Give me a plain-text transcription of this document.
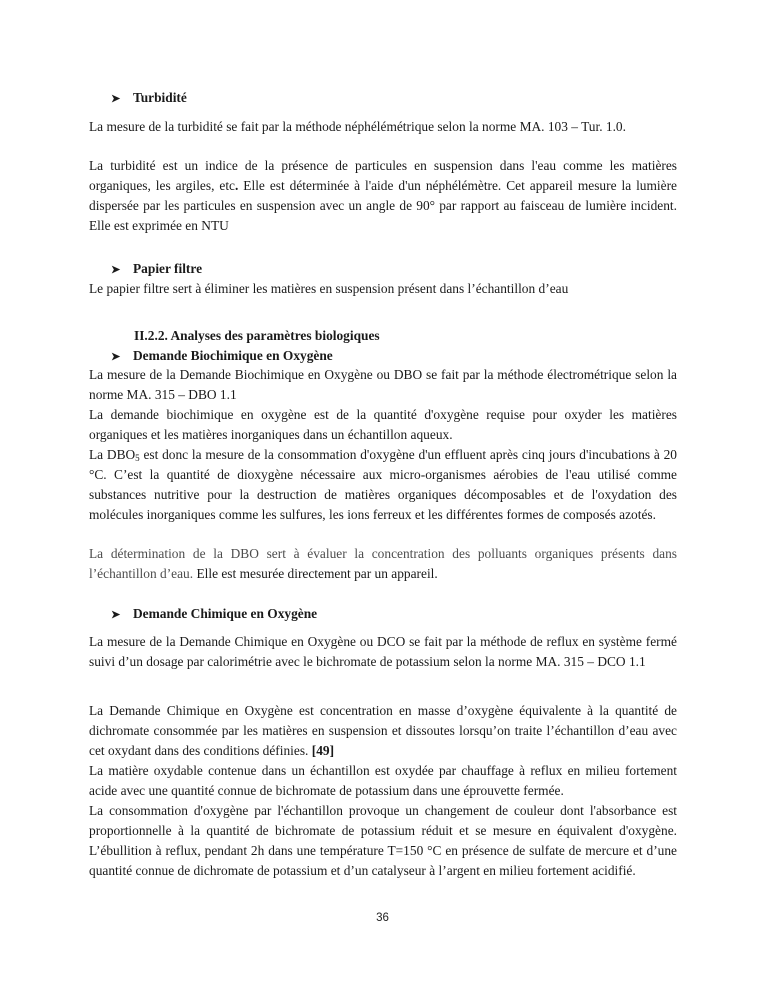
➤ Turbidité
La mesure de la turbidité se fait par la méthode néphélémétrique selon la norme MA. 103 – Tur. 1.0.
La turbidité est un indice de la présence de particules en suspension dans l'eau comme les matières organiques, les argiles, etc. Elle est déterminée à l'aide d'un néphélémètre. Cet appareil mesure la lumière dispersée par les particules en suspension avec un angle de 90° par rapport au faisceau de lumière incident. Elle est exprimée en NTU
➤ Papier filtre
Le papier filtre sert à éliminer les matières en suspension présent dans l’échantillon d’eau
II.2.2. Analyses des paramètres biologiques
➤ Demande Biochimique en Oxygène
La mesure de la Demande Biochimique en Oxygène ou DBO se fait par la méthode électrométrique selon la norme MA. 315 – DBO 1.1
La demande biochimique en oxygène est de la quantité d'oxygène requise pour oxyder les matières organiques et les matières inorganiques dans un échantillon aqueux.
La $DBO_5$ est donc la mesure de la consommation d'oxygène d'un effluent après cinq jours d'incubations à 20 °C. C’est la quantité de dioxygène nécessaire aux micro-organismes aérobies de l'eau utilisé comme substances nutritive pour la destruction de matières organiques décomposables et de l'oxydation des molécules inorganiques comme les sulfures, les ions ferreux et les différentes formes de composés azotés.
La détermination de la DBO sert à évaluer la concentration des polluants organiques présents dans l’échantillon d’eau. Elle est mesurée directement par un appareil.
➤ Demande Chimique en Oxygène
La mesure de la Demande Chimique en Oxygène ou DCO se fait par la méthode de reflux en système fermé suivi d’un dosage par calorimétrie avec le bichromate de potassium selon la norme MA. 315 – DCO 1.1
La Demande Chimique en Oxygène est concentration en masse d’oxygène équivalente à la quantité de dichromate consommée par les matières en suspension et dissoutes lorsqu’on traite l’échantillon d’eau avec cet oxydant dans des conditions définies. [49]
La matière oxydable contenue dans un échantillon est oxydée par chauffage à reflux en milieu fortement acide avec une quantité connue de bichromate de potassium dans une éprouvette fermée.
La consommation d'oxygène par l'échantillon provoque un changement de couleur dont l'absorbance est proportionnelle à la quantité de bichromate de potassium réduit et se mesure en équivalent d'oxygène. L’ébullition à reflux, pendant 2h dans une température T=150 °C en présence de sulfate de mercure et d’une quantité connue de dichromate de potassium et d’un catalyseur à l’argent en milieu fortement acidifié.
36
